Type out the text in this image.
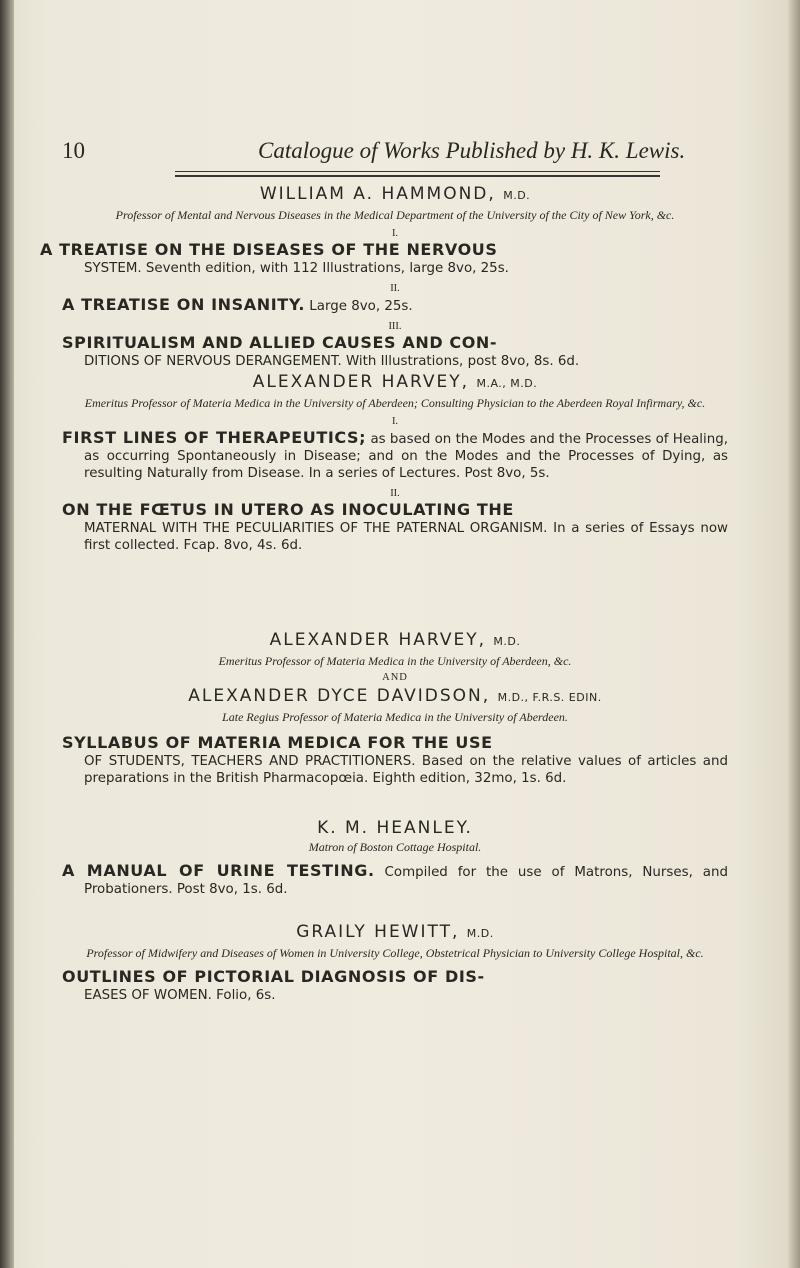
10	Catalogue of Works Published by H. K. Lewis.

WILLIAM A. HAMMOND, M.D.

Professor of Mental and Nervous Diseases in the Medical Department of the University of the City of New York, &c.

I.

A TREATISE ON THE DISEASES OF THE NERVOUS
SYSTEM. Seventh edition, with 112 Illustrations, large 8vo, 25s.

II.

A TREATISE ON INSANITY. Large 8vo, 25s.

III.

SPIRITUALISM AND ALLIED CAUSES AND CON-
DITIONS OF NERVOUS DERANGEMENT. With Illustrations, post 8vo, 8s. 6d.

ALEXANDER HARVEY, M.A., M.D.

Emeritus Professor of Materia Medica in the University of Aberdeen; Consulting Physician to the Aberdeen Royal Infirmary, &c.

I.

FIRST LINES OF THERAPEUTICS; as based on the Modes and the Processes of Healing, as occurring Spontaneously in Disease; and on the Modes and the Processes of Dying, as resulting Naturally from Disease. In a series of Lectures. Post 8vo, 5s.

II.

ON THE FŒTUS IN UTERO AS INOCULATING THE
MATERNAL WITH THE PECULIARITIES OF THE PATERNAL ORGANISM. In a series of Essays now first collected. Fcap. 8vo, 4s. 6d.

ALEXANDER HARVEY, M.D.

Emeritus Professor of Materia Medica in the University of Aberdeen, &c.

AND

ALEXANDER DYCE DAVIDSON, M.D., F.R.S. EDIN.

Late Regius Professor of Materia Medica in the University of Aberdeen.

SYLLABUS OF MATERIA MEDICA FOR THE USE
OF STUDENTS, TEACHERS AND PRACTITIONERS. Based on the relative values of articles and preparations in the British Pharmacopœia. Eighth edition, 32mo, 1s. 6d.

K. M. HEANLEY.

Matron of Boston Cottage Hospital.

A MANUAL OF URINE TESTING. Compiled for the use of Matrons, Nurses, and Probationers. Post 8vo, 1s. 6d.

GRAILY HEWITT, M.D.

Professor of Midwifery and Diseases of Women in University College, Obstetrical Physician to University College Hospital, &c.

OUTLINES OF PICTORIAL DIAGNOSIS OF DIS-
EASES OF WOMEN. Folio, 6s.
